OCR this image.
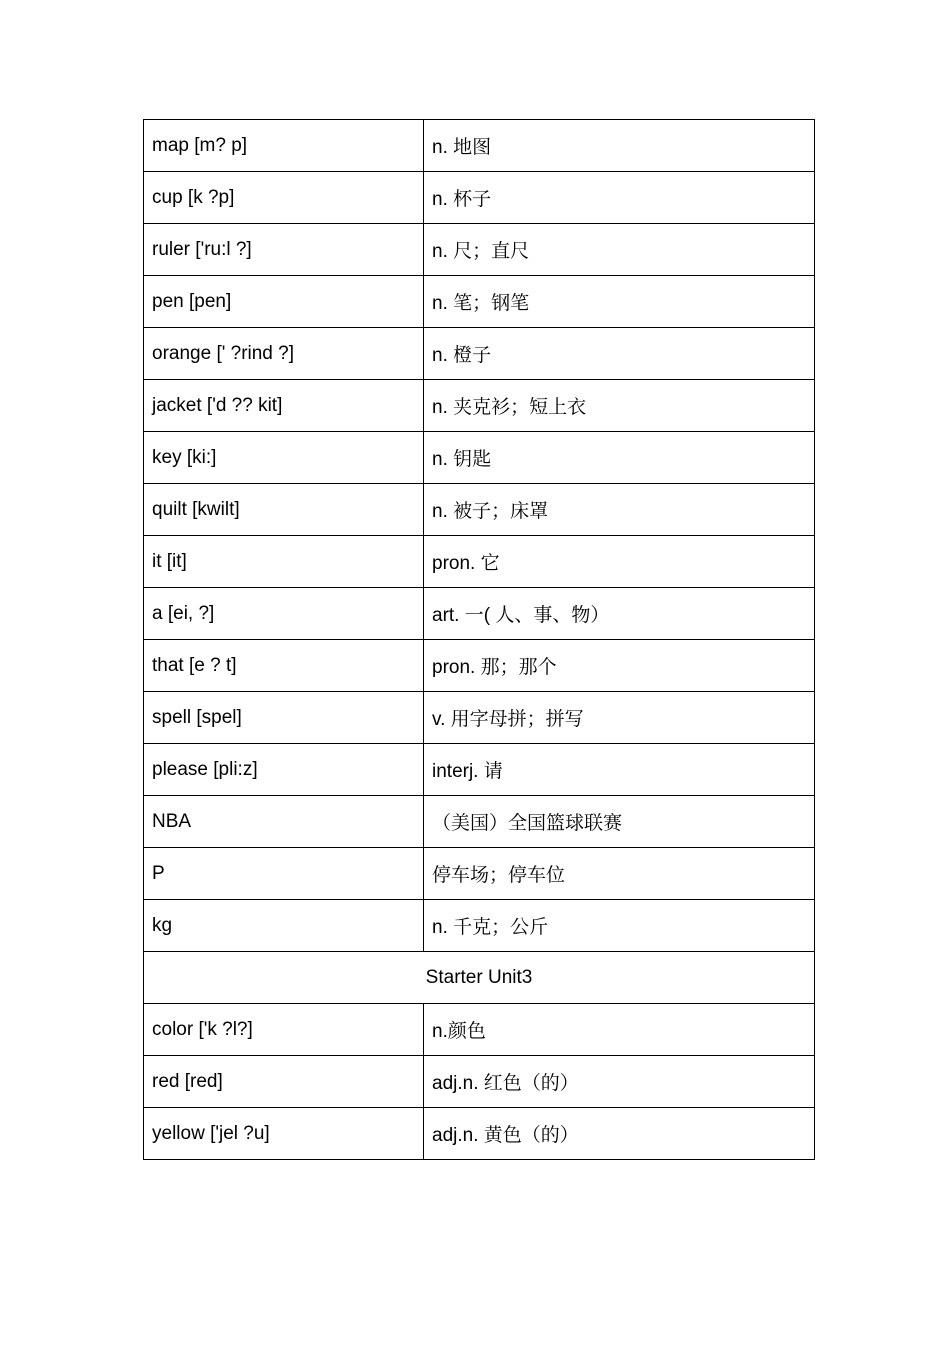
map [m? p]	n. 地图
cup [k ?p]	n. 杯子
ruler ['ru:l ?]	n. 尺；直尺
pen [pen]	n. 笔；钢笔
orange [' ?rind ?]	n. 橙子
jacket ['d ?? kit]	n. 夹克衫；短上衣
key [ki:]	n. 钥匙
quilt [kwilt]	n. 被子；床罩
it [it]	pron. 它
a [ei, ?]	art. 一( 人、事、物）
that [e ? t]	pron. 那；那个
spell [spel]	v. 用字母拼；拼写
please [pli:z]	interj. 请
NBA	（美国）全国篮球联赛
P	停车场；停车位
kg	n. 千克；公斤
Starter Unit3	
color ['k ?l?]	n.颜色
red [red]	adj.n. 红色（的）
yellow ['jel ?u]	adj.n. 黄色（的）
